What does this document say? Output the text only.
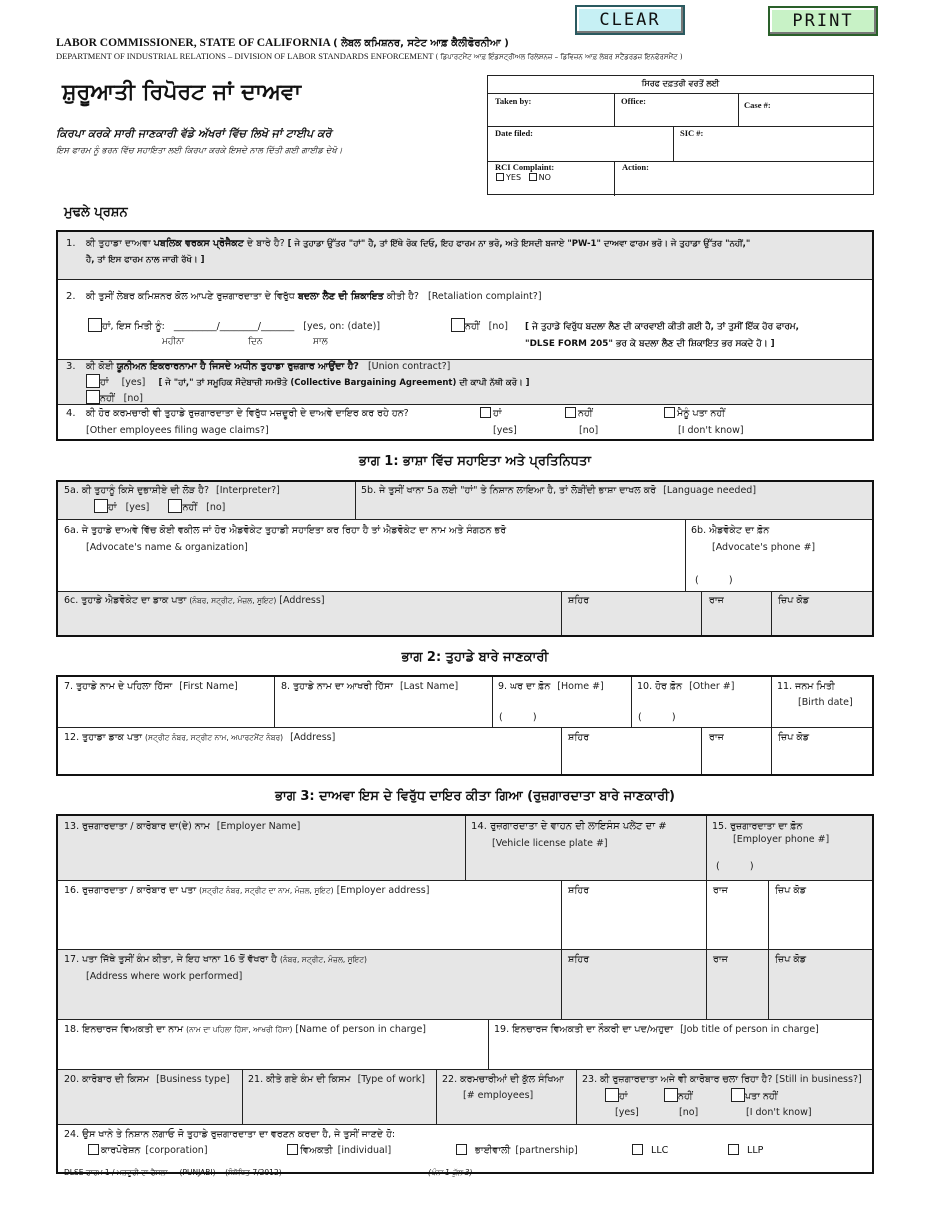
CLEAR	PRINT
LABOR COMMISSIONER, STATE OF CALIFORNIA ( ਲੇਬਲ ਕਮਿਸ਼ਨਰ, ਸਟੇਟ ਆਫ਼ ਕੈਲੀਫੋਰਨੀਆ )
DEPARTMENT OF INDUSTRIAL RELATIONS – DIVISION OF LABOR STANDARDS ENFORCEMENT ( ਡਿਪਾਰਟਮੈਂਟ ਆਫ਼ ਇੰਡਸਟ੍ਰੀਅਲ ਰਿਲੇਸ਼ਨਜ਼ – ਡਿਵਿਜ਼ਨ ਆਫ਼ ਲੇਬਰ ਸਟੈਂਡਰਡਜ਼ ਇਨਫੋਰਸਮੈਂਟ )
ਸ਼ੁਰੂਆਤੀ ਰਿਪੋਰਟ ਜਾਂ ਦਾਅਵਾ
ਕਿਰਪਾ ਕਰਕੇ ਸਾਰੀ ਜਾਣਕਾਰੀ ਵੱਡੇ ਅੱਖਰਾਂ ਵਿੱਚ ਲਿਖੋ ਜਾਂ ਟਾਈਪ ਕਰੋ
ਇਸ ਫਾਰਮ ਨੂੰ ਭਰਨ ਵਿੱਚ ਸਹਾਇਤਾ ਲਈ ਕਿਰਪਾ ਕਰਕੇ ਇਸਦੇ ਨਾਲ ਦਿੱਤੀ ਗਈ ਗਾਈਡ ਦੇਖੋ।
ਸਿਰਫ ਦਫ਼ਤਰੀ ਵਰਤੋਂ ਲਈ
Taken by:	Office:	Case #:
Date filed:	SIC #:
RCI Complaint:
YES NO
Action:
ਮੁਢਲੇ ਪ੍ਰਸ਼ਨ
1. ਕੀ ਤੁਹਾਡਾ ਦਾਅਵਾ ਪਬਲਿਕ ਵਰਕਸ ਪ੍ਰੋਜੈਕਟ ਦੇ ਬਾਰੇ ਹੈ? [ ਜੇ ਤੁਹਾਡਾ ਉੱਤਰ "ਹਾਂ" ਹੈ, ਤਾਂ ਇੱਥੇ ਰੋਕ ਦਿਓ, ਇਹ ਫਾਰਮ ਨਾ ਭਰੋ, ਅਤੇ ਇਸਦੀ ਬਜਾਏ "PW-1" ਦਾਅਵਾ ਫਾਰਮ ਭਰੋ। ਜੇ ਤੁਹਾਡਾ ਉੱਤਰ "ਨਹੀਂ,"
ਹੈ, ਤਾਂ ਇਸ ਫਾਰਮ ਨਾਲ ਜਾਰੀ ਰੱਖੋ। ]
2. ਕੀ ਤੁਸੀਂ ਲੇਬਰ ਕਮਿਸ਼ਨਰ ਕੋਲ ਆਪਣੇ ਰੁਜ਼ਗਾਰਦਾਤਾ ਦੇ ਵਿਰੁੱਧ ਬਦਲਾ ਲੈਣ ਦੀ ਸ਼ਿਕਾਇਤ ਕੀਤੀ ਹੈ? [Retaliation complaint?]
ਹਾਂ, ਇਸ ਮਿਤੀ ਨੂੰ: _________/________/_______ [yes, on: (date)]
ਮਹੀਨਾ	ਦਿਨ	ਸਾਲ
ਨਹੀਂ [no] [ ਜੇ ਤੁਹਾਡੇ ਵਿਰੁੱਧ ਬਦਲਾ ਲੈਣ ਦੀ ਕਾਰਵਾਈ ਕੀਤੀ ਗਈ ਹੈ, ਤਾਂ ਤੁਸੀਂ ਇੱਕ ਹੋਰ ਫਾਰਮ,
"DLSE FORM 205" ਭਰ ਕੇ ਬਦਲਾ ਲੈਣ ਦੀ ਸ਼ਿਕਾਇਤ ਭਰ ਸਕਦੇ ਹੋ। ]
3. ਕੀ ਕੋਈ ਯੂਨੀਅਨ ਇਕਰਾਰਨਾਮਾ ਹੈ ਜਿਸਦੇ ਅਧੀਨ ਤੁਹਾਡਾ ਰੁਜ਼ਗਾਰ ਆਉਂਦਾ ਹੈ? [Union contract?]
ਹਾਂ [yes] [ ਜੇ "ਹਾਂ," ਤਾਂ ਸਮੂਹਿਕ ਸੌਦੇਬਾਜ਼ੀ ਸਮਝੌਤੇ (Collective Bargaining Agreement) ਦੀ ਕਾਪੀ ਨੱਥੀ ਕਰੋ। ]
ਨਹੀਂ [no]
4. ਕੀ ਹੋਰ ਕਰਮਚਾਰੀ ਵੀ ਤੁਹਾਡੇ ਰੁਜ਼ਗਾਰਦਾਤਾ ਦੇ ਵਿਰੁੱਧ ਮਜ਼ਦੂਰੀ ਦੇ ਦਾਅਵੇ ਦਾਇਰ ਕਰ ਰਹੇ ਹਨ?
[Other employees filing wage claims?]
ਹਾਂ	ਨਹੀਂ	ਮੈਨੂੰ ਪਤਾ ਨਹੀਂ
[yes]	[no]	[I don't know]
ਭਾਗ 1: ਭਾਸ਼ਾ ਵਿੱਚ ਸਹਾਇਤਾ ਅਤੇ ਪ੍ਰਤਿਨਿਧਤਾ
5a. ਕੀ ਤੁਹਾਨੂੰ ਕਿਸੇ ਦੁਭਾਸ਼ੀਏ ਦੀ ਲੋੜ ਹੈ? [Interpreter?]
ਹਾਂ [yes]	ਨਹੀਂ [no]
5b. ਜੇ ਤੁਸੀਂ ਖਾਨਾ 5a ਲਈ "ਹਾਂ" ਤੇ ਨਿਸ਼ਾਨ ਲਾਇਆ ਹੈ, ਤਾਂ ਲੋੜੀਂਦੀ ਭਾਸ਼ਾ ਦਾਖਲ ਕਰੋ [Language needed]
6a. ਜੇ ਤੁਹਾਡੇ ਦਾਅਵੇ ਵਿੱਚ ਕੋਈ ਵਕੀਲ ਜਾਂ ਹੋਰ ਐਡਵੋਕੇਟ ਤੁਹਾਡੀ ਸਹਾਇਤਾ ਕਰ ਰਿਹਾ ਹੈ ਤਾਂ ਐਡਵੋਕੇਟ ਦਾ ਨਾਮ ਅਤੇ ਸੰਗਠਨ ਭਰੋ
[Advocate's name & organization]
6b. ਐਡਵੋਕੇਟ ਦਾ ਫ਼ੋਨ
[Advocate's phone #]
(          )
6c. ਤੁਹਾਡੇ ਐਡਵੋਕੇਟ ਦਾ ਡਾਕ ਪਤਾ (ਨੰਬਰ, ਸਟ੍ਰੀਟ, ਮੰਜ਼ਲ, ਸੂਇਟ) [Address]	ਸ਼ਹਿਰ	ਰਾਜ	ਜ਼ਿਪ ਕੋਡ
ਭਾਗ 2: ਤੁਹਾਡੇ ਬਾਰੇ ਜਾਣਕਾਰੀ
7. ਤੁਹਾਡੇ ਨਾਮ ਦੇ ਪਹਿਲਾ ਹਿੱਸਾ [First Name]	8. ਤੁਹਾਡੇ ਨਾਮ ਦਾ ਆਖਰੀ ਹਿੱਸਾ [Last Name]	9. ਘਰ ਦਾ ਫ਼ੋਨ [Home #]
(          )
10. ਹੋਰ ਫ਼ੋਨ [Other #]
(          )
11. ਜਨਮ ਮਿਤੀ
[Birth date]
12. ਤੁਹਾਡਾ ਡਾਕ ਪਤਾ (ਸਟ੍ਰੀਟ ਨੰਬਰ, ਸਟ੍ਰੀਟ ਨਾਮ, ਅਪਾਰਟਮੈਂਟ ਨੰਬਰ) [Address]	ਸ਼ਹਿਰ	ਰਾਜ	ਜ਼ਿਪ ਕੋਡ
ਭਾਗ 3: ਦਾਅਵਾ ਇਸ ਦੇ ਵਿਰੁੱਧ ਦਾਇਰ ਕੀਤਾ ਗਿਆ (ਰੁਜ਼ਗਾਰਦਾਤਾ ਬਾਰੇ ਜਾਣਕਾਰੀ)
13. ਰੁਜ਼ਗਾਰਦਾਤਾ / ਕਾਰੋਬਾਰ ਦਾ(ਦੇ) ਨਾਮ [Employer Name]	14. ਰੁਜ਼ਗਾਰਦਾਤਾ ਦੇ ਵਾਹਨ ਦੀ ਲਾਇਸੰਸ ਪਲੇਟ ਦਾ #
[Vehicle license plate #]
15. ਰੁਜ਼ਗਾਰਦਾਤਾ ਦਾ ਫ਼ੋਨ
[Employer phone #]
(          )
16. ਰੁਜ਼ਗਾਰਦਾਤਾ / ਕਾਰੋਬਾਰ ਦਾ ਪਤਾ (ਸਟ੍ਰੀਟ ਨੰਬਰ, ਸਟ੍ਰੀਟ ਦਾ ਨਾਮ, ਮੰਜ਼ਲ, ਸੂਇਟ) [Employer address]	ਸ਼ਹਿਰ	ਰਾਜ	ਜ਼ਿਪ ਕੋਡ
17. ਪਤਾ ਜਿੱਥੇ ਤੁਸੀਂ ਕੰਮ ਕੀਤਾ, ਜੇ ਇਹ ਖਾਨਾ 16 ਤੋਂ ਵੱਖਰਾ ਹੈ (ਨੰਬਰ, ਸਟ੍ਰੀਟ, ਮੰਜ਼ਲ, ਸੂਇਟ)
[Address where work performed]
ਸ਼ਹਿਰ	ਰਾਜ	ਜ਼ਿਪ ਕੋਡ
18. ਇਨਚਾਰਜ ਵਿਅਕਤੀ ਦਾ ਨਾਮ (ਨਾਮ ਦਾ ਪਹਿਲਾ ਹਿੱਸਾ, ਆਖਰੀ ਹਿੱਸਾ) [Name of person in charge]	19. ਇਨਚਾਰਜ ਵਿਅਕਤੀ ਦਾ ਨੌਕਰੀ ਦਾ ਪਦ/ਅਹੁਦਾ [Job title of person in charge]
20. ਕਾਰੋਬਾਰ ਦੀ ਕਿਸਮ [Business type] 21. ਕੀਤੇ ਗਏ ਕੰਮ ਦੀ ਕਿਸਮ [Type of work] 22. ਕਰਮਚਾਰੀਆਂ ਦੀ ਕੁੱਲ ਸੰਖਿਆ
[# employees]
23. ਕੀ ਰੁਜ਼ਗਾਰਦਾਤਾ ਅਜੇ ਵੀ ਕਾਰੋਬਾਰ ਚਲਾ ਰਿਹਾ ਹੈ? [Still in business?]
ਹਾਂ	ਨਹੀਂ	ਪਤਾ ਨਹੀਂ
[yes]	[no]	[I don't know]
24. ਉਸ ਖਾਨੇ ਤੇ ਨਿਸ਼ਾਨ ਲਗਾਓ ਜੋ ਤੁਹਾਡੇ ਰੁਜ਼ਗਾਰਦਾਤਾ ਦਾ ਵਰਣਨ ਕਰਦਾ ਹੈ, ਜੇ ਤੁਸੀਂ ਜਾਣਦੇ ਹੋ:
ਕਾਰਪੋਰੇਸ਼ਨ [corporation]	ਵਿਅਕਤੀ [individual]	ਭਾਈਵਾਲੀ [partnership]	LLC	LLP
DLSE ਫਾਰਮ 1 / ਮਜ਼ਦੂਰੀ ਦਾ ਫੈਸਲਾ     (PUNJABI)    (ਸੰਸ਼ੋਧਿਤ 7/2012)	(ਪੰਨਾ 1 ਕੁੱਲ 3)
